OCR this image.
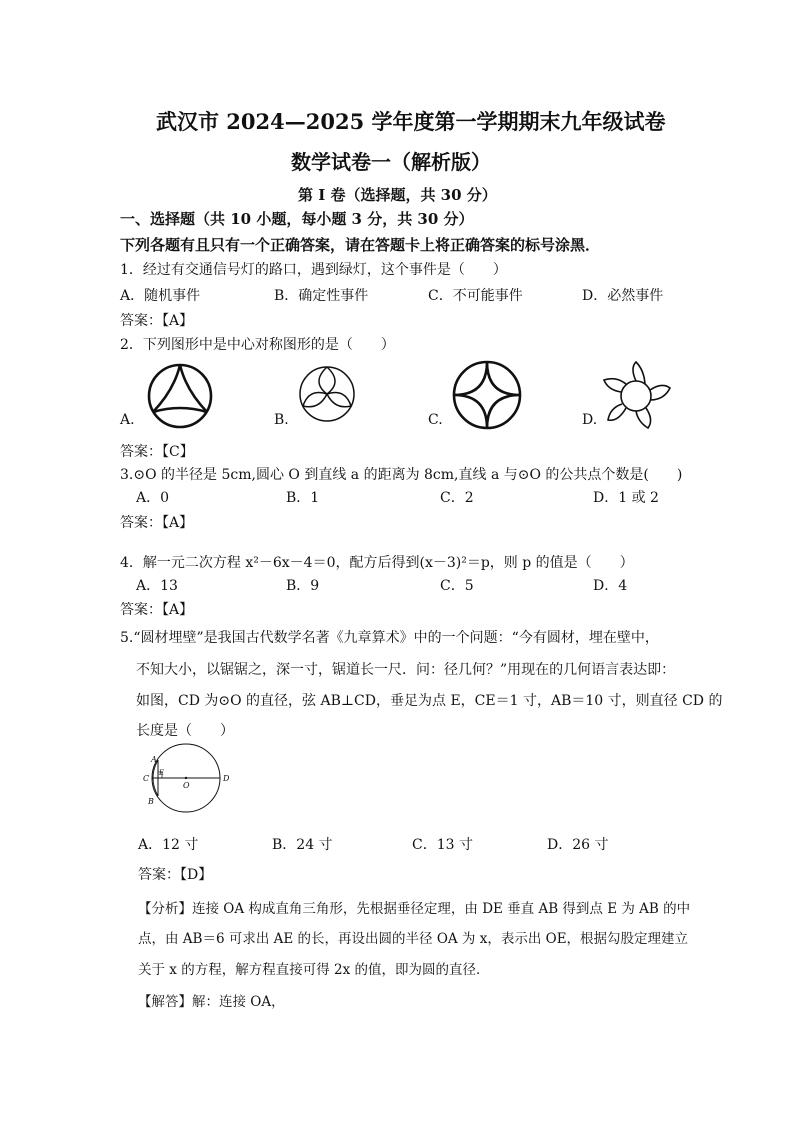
武汉市 2024—2025 学年度第一学期期末九年级试卷
数学试卷一（解析版）
第 I 卷（选择题，共 30 分）
一、选择题（共 10 小题，每小题 3 分，共 30 分）
下列各题有且只有一个正确答案，请在答题卡上将正确答案的标号涂黑．
1．经过有交通信号灯的路口，遇到绿灯，这个事件是（　　）
A．随机事件	B．确定性事件	C．不可能事件	D．必然事件
答案：【A】
2．下列图形中是中心对称图形的是（　　）
A.	B.	C.	D.
答案：【C】
3.⊙O 的半径是 5cm,圆心 O 到直线 a 的距离为 8cm,直线 a 与⊙O 的公共点个数是(　　)
A．0	B．1	C．2	D．1 或 2
答案：【A】
4．解一元二次方程 x²－6x－4＝0，配方后得到(x－3)²＝p，则 p 的值是（　　）
A．13	B．9	C．5	D．4
答案：【A】
5.“圆材埋壁”是我国古代数学名著《九章算术》中的一个问题：“今有圆材，埋在壁中，
不知大小，以锯锯之，深一寸，锯道长一尺．问：径几何？”用现在的几何语言表达即：
如图，CD 为⊙O 的直径，弦 AB⊥CD，垂足为点 E，CE＝1 寸，AB＝10 寸，则直径 CD 的
长度是（　　）
A
E
C
O
D
B
A．12 寸	B．24 寸	C．13 寸	D．26 寸
答案：【D】
【分析】连接 OA 构成直角三角形，先根据垂径定理，由 DE 垂直 AB 得到点 E 为 AB 的中
点，由 AB＝6 可求出 AE 的长，再设出圆的半径 OA 为 x，表示出 OE，根据勾股定理建立
关于 x 的方程，解方程直接可得 2x 的值，即为圆的直径．
【解答】解：连接 OA，
